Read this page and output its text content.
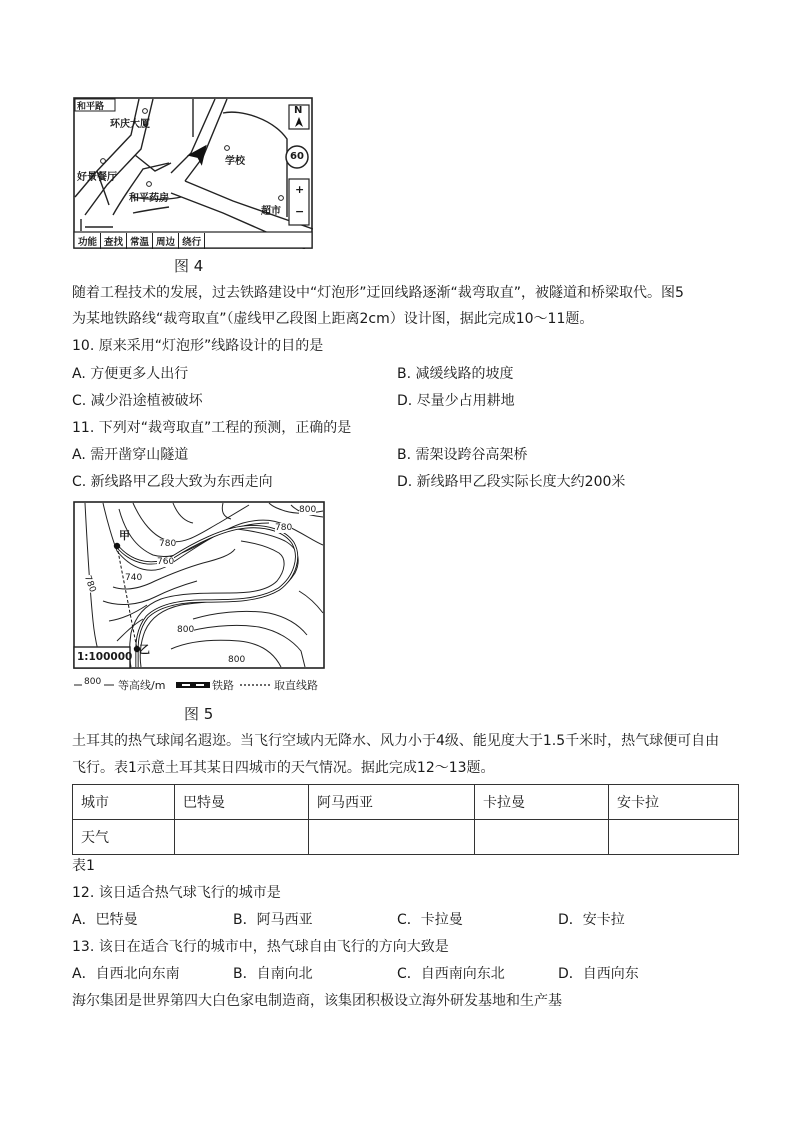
和平路
环庆大厦
学校
好景餐厅
和平药房
超市
N
60
+
−
功能 查找 常温 周边 绕行
图 4
随着工程技术的发展，过去铁路建设中“灯泡形”迂回线路逐渐“裁弯取直”，被隧道和桥梁取代。图5
为某地铁路线“裁弯取直”（虚线甲乙段图上距离2cm）设计图，据此完成10～11题。
10. 原来采用“灯泡形”线路设计的目的是
A. 方便更多人出行	B. 减缓线路的坡度
C. 减少沿途植被破坏	D. 尽量少占用耕地
11. 下列对“裁弯取直”工程的预测，正确的是
A. 需开凿穿山隧道	B. 需架设跨谷高架桥
C. 新线路甲乙段大致为东西走向	D. 新线路甲乙段实际长度大约200米
甲
乙
1:100000
780
760
740
780
800
800
780
800
800 等高线/m	铁路	取直线路
图 5
土耳其的热气球闻名遐迩。当飞行空域内无降水、风力小于4级、能见度大于1.5千米时，热气球便可自由
飞行。表1示意土耳其某日四城市的天气情况。据此完成12～13题。
城市	巴特曼	阿马西亚	卡拉曼	安卡拉
天气				
表1
12. 该日适合热气球飞行的城市是
A．巴特曼	B．阿马西亚	C．卡拉曼	D．安卡拉
13. 该日在适合飞行的城市中，热气球自由飞行的方向大致是
A．自西北向东南	B．自南向北	C．自西南向东北	D．自西向东
海尔集团是世界第四大白色家电制造商，该集团积极设立海外研发基地和生产基
